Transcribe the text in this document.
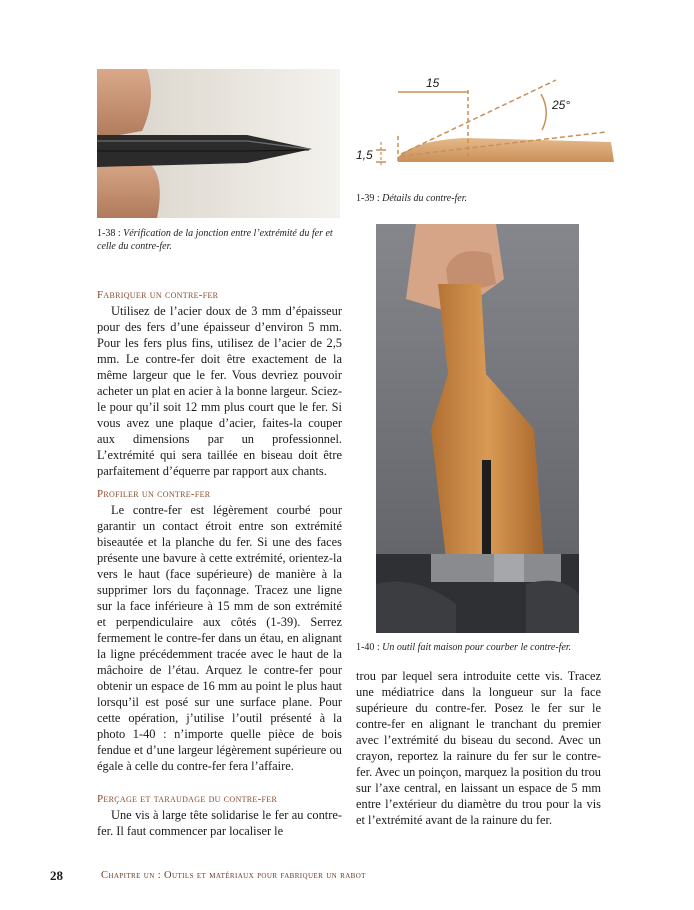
1-38 : Vérification de la jonction entre l’extrémité du fer et celle du contre-fer.
15
25°
1,5
1-39 : Détails du contre-fer.
1-40 : Un outil fait maison pour courber le contre-fer.
Fabriquer un contre-fer

Utilisez de l’acier doux de 3 mm d’épaisseur pour des fers d’une épaisseur d’environ 5 mm. Pour les fers plus fins, utilisez de l’acier de 2,5 mm. Le contre-fer doit être exactement de la même largeur que le fer. Vous devriez pouvoir acheter un plat en acier à la bonne largeur. Sciez-le pour qu’il soit 12 mm plus court que le fer. Si vous avez une plaque d’acier, faites-la couper aux dimensions par un professionnel. L’extrémité qui sera taillée en biseau doit être parfaitement d’équerre par rapport aux chants.

Profiler un contre-fer

Le contre-fer est légèrement courbé pour garantir un contact étroit entre son extrémité biseautée et la planche du fer. Si une des faces présente une bavure à cette extrémité, orientez-la vers le haut (face supérieure) de manière à la supprimer lors du façonnage. Tracez une ligne sur la face inférieure à 15 mm de son extrémité et perpendiculaire aux côtés (1-39). Serrez fermement le contre-fer dans un étau, en alignant la ligne précédemment tracée avec le haut de la mâchoire de l’étau. Arquez le contre-fer pour obtenir un espace de 16 mm au point le plus haut lorsqu’il est posé sur une surface plane. Pour cette opération, j’utilise l’outil présenté à la photo 1-40 : n’importe quelle pièce de bois fendue et d’une largeur légèrement supérieure ou égale à celle du contre-fer fera l’affaire.

Perçage et taraudage du contre-fer

Une vis à large tête solidarise le fer au contre-fer. Il faut commencer par localiser le

trou par lequel sera introduite cette vis. Tracez une médiatrice dans la longueur sur la face supérieure du contre-fer. Posez le fer sur le contre-fer en alignant le tranchant du premier avec l’extrémité du biseau du second. Avec un crayon, reportez la rainure du fer sur le contre-fer. Avec un poinçon, marquez la position du trou sur l’axe central, en laissant un espace de 5 mm entre l’extérieur du diamètre du trou pour la vis et l’extrémité avant de la rainure du fer.

28	Chapitre un : Outils et matériaux pour fabriquer un rabot
